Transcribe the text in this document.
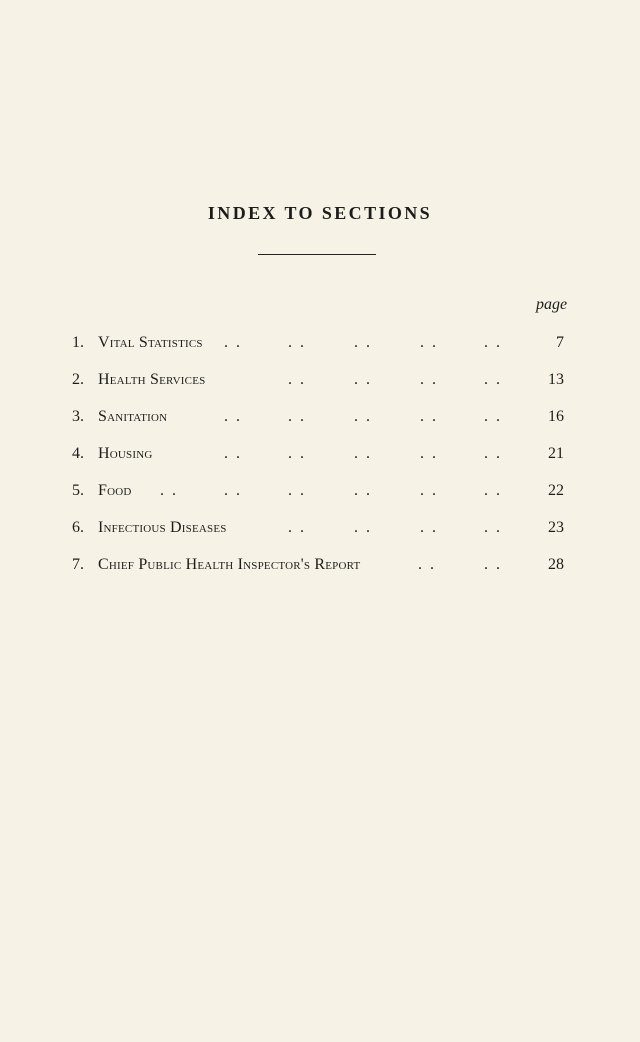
INDEX TO SECTIONS
page
1. Vital Statistics . .	. .	. .	. .	. .	7
2. Health Services	. .	. .	. .	. .	13
3. Sanitation	. .	. .	. .	. .	. .	16
4. Housing	. .	. .	. .	. .	. .	21
5. Food . .	. .	. .	. .	. .	. .	22
6. Infectious Diseases	. .	. .	. .	. .	23
7. Chief Public Health Inspector's Report	. .	. .	28
